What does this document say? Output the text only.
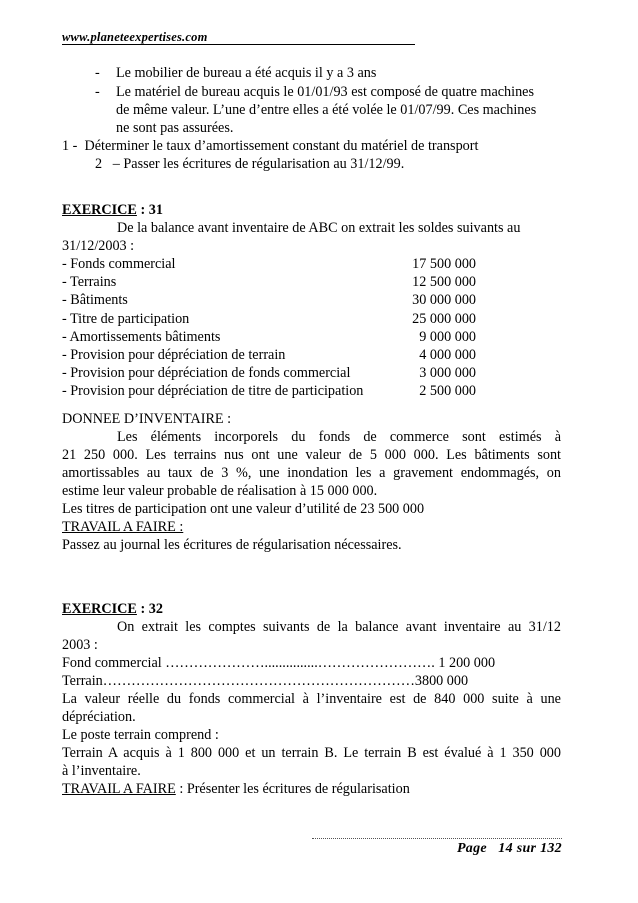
www.planeteexpertises.com
- Le mobilier de bureau a été acquis il y a 3 ans
- Le matériel de bureau acquis le 01/01/93 est composé de quatre machines
de même valeur. L’une d’entre elles a été volée le 01/07/99. Ces machines
ne sont pas assurées.
1 -  Déterminer le taux d’amortissement constant du matériel de transport
2   – Passer les écritures de régularisation au 31/12/99.
EXERCICE : 31
De la balance avant inventaire de ABC on extrait les soldes suivants au
31/12/2003 :
- Fonds commercial	17 500 000
- Terrains	12 500 000
- Bâtiments	30 000 000
- Titre de participation	25 000 000
- Amortissements bâtiments	9 000 000
- Provision pour dépréciation de terrain	4 000 000
- Provision pour dépréciation de fonds commercial	3 000 000
- Provision pour dépréciation de titre de participation	2 500 000
DONNEE D’INVENTAIRE :
Les éléments incorporels du fonds de commerce sont estimés à
21 250 000. Les terrains nus ont une valeur de 5 000 000. Les bâtiments sont
amortissables au taux de 3 %, une inondation les a gravement endommagés, on
estime leur valeur probable de réalisation à 15 000 000.
Les titres de participation ont une valeur d’utilité de 23 500 000
TRAVAIL A FAIRE :
Passez au journal les écritures de régularisation nécessaires.
EXERCICE : 32
On extrait les comptes suivants de la balance avant inventaire au 31/12
2003 :
Fond commercial …………………...............……………………. 1 200 000
Terrain…………………………………………………………3800 000
La valeur réelle du fonds commercial à l’inventaire est de 840 000 suite à une
dépréciation.
Le poste terrain comprend :
Terrain A acquis à 1 800 000 et un terrain B. Le terrain B est évalué à 1 350 000
à l’inventaire.
TRAVAIL A FAIRE : Présenter les écritures de régularisation
Page   14 sur 132
